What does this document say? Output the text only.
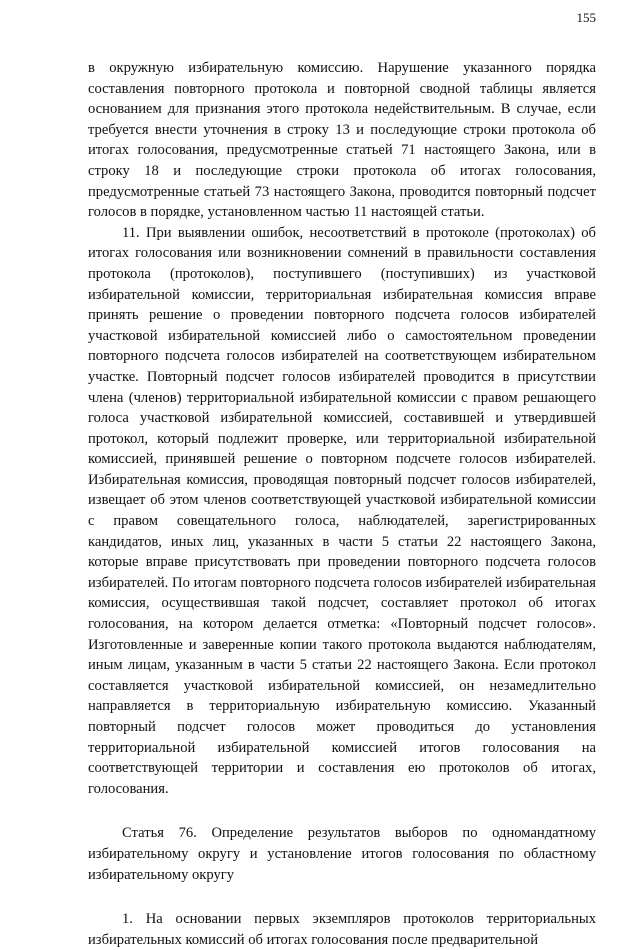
155

в окружную избирательную комиссию. Нарушение указанного порядка составления повторного протокола и повторной сводной таблицы является основанием для признания этого протокола недействительным. В случае, если требуется внести уточнения в строку 13 и последующие строки протокола об итогах голосования, предусмотренные статьей 71 настоящего Закона, или в строку 18 и последующие строки протокола об итогах голосования, предусмотренные статьей 73 настоящего Закона, проводится повторный подсчет голосов в порядке, установленном частью 11 настоящей статьи.

11. При выявлении ошибок, несоответствий в протоколе (протоколах) об итогах голосования или возникновении сомнений в правильности составления протокола (протоколов), поступившего (поступивших) из участковой избирательной комиссии, территориальная избирательная комиссия вправе принять решение о проведении повторного подсчета голосов избирателей участковой избирательной комиссией либо о самостоятельном проведении повторного подсчета голосов избирателей на соответствующем избирательном участке. Повторный подсчет голосов избирателей проводится в присутствии члена (членов) территориальной избирательной комиссии с правом решающего голоса участковой избирательной комиссией, составившей и утвердившей протокол, который подлежит проверке, или территориальной избирательной комиссией, принявшей решение о повторном подсчете голосов избирателей. Избирательная комиссия, проводящая повторный подсчет голосов избирателей, извещает об этом членов соответствующей участковой избирательной комиссии с правом совещательного голоса, наблюдателей, зарегистрированных кандидатов, иных лиц, указанных в части 5 статьи 22 настоящего Закона, которые вправе присутствовать при проведении повторного подсчета голосов избирателей. По итогам повторного подсчета голосов избирателей избирательная комиссия, осуществившая такой подсчет, составляет протокол об итогах голосования, на котором делается отметка: «Повторный подсчет голосов». Изготовленные и заверенные копии такого протокола выдаются наблюдателям, иным лицам, указанным в части 5 статьи 22 настоящего Закона. Если протокол составляется участковой избирательной комиссией, он незамедлительно направляется в территориальную избирательную комиссию. Указанный повторный подсчет голосов может проводиться до установления территориальной избирательной комиссией итогов голосования на соответствующей территории и составления ею протоколов об итогах, голосования.

Статья 76. Определение результатов выборов по одномандатному избирательному округу и установление итогов голосования по областному избирательному округу

1. На основании первых экземпляров протоколов территориальных избирательных комиссий об итогах голосования после предварительной
